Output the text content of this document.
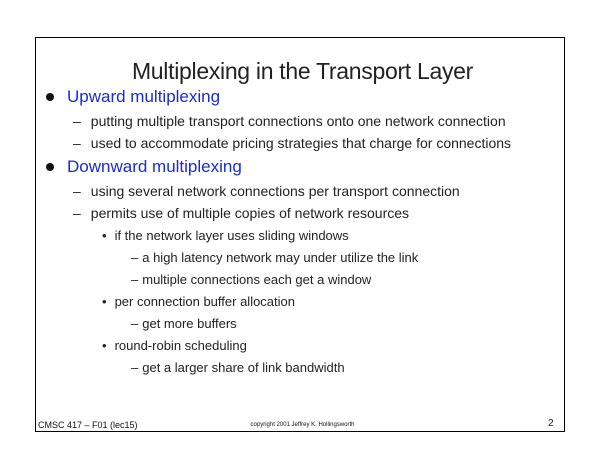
Multiplexing in the Transport Layer
Upward multiplexing
– putting multiple transport connections onto one network connection
– used to accommodate pricing strategies that charge for connections
Downward multiplexing
– using several network connections per transport connection
– permits use of multiple copies of network resources
• if the network layer uses sliding windows
– a high latency network may under utilize the link
– multiple connections each get a window
• per connection buffer allocation
– get more buffers
• round-robin scheduling
– get a larger share of link bandwidth
CMSC 417 – F01 (lec15)	copyright 2001 Jeffrey K. Hollingsworth	2
